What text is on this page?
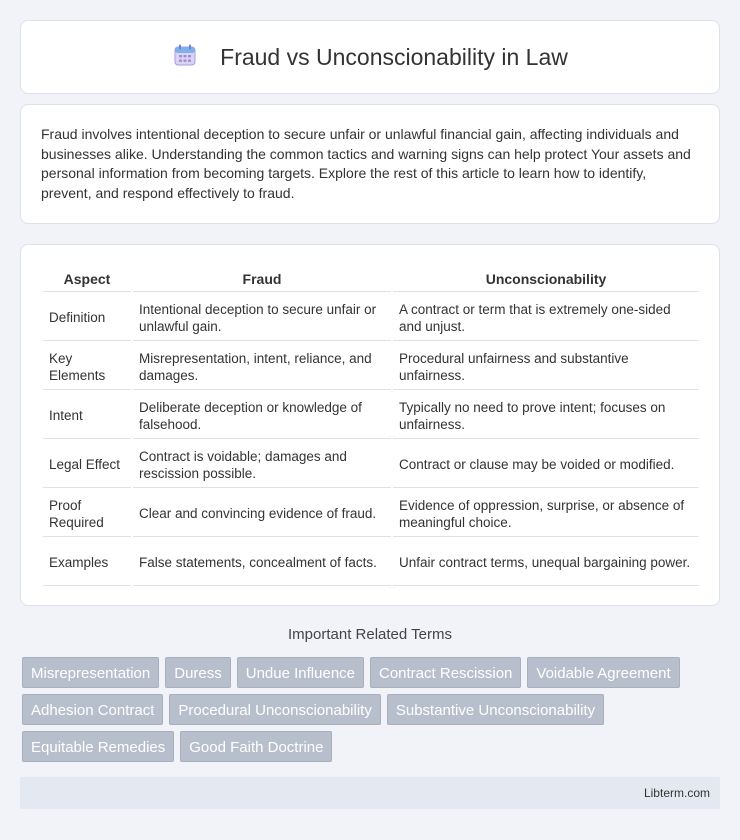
Fraud vs Unconscionability in Law

Fraud involves intentional deception to secure unfair or unlawful financial gain, affecting individuals and businesses alike. Understanding the common tactics and warning signs can help protect Your assets and personal information from becoming targets. Explore the rest of this article to learn how to identify, prevent, and respond effectively to fraud.

Aspect	Fraud	Unconscionability
Definition	Intentional deception to secure unfair or unlawful gain.	A contract or term that is extremely one-sided and unjust.
Key Elements	Misrepresentation, intent, reliance, and damages.	Procedural unfairness and substantive unfairness.
Intent	Deliberate deception or knowledge of falsehood.	Typically no need to prove intent; focuses on unfairness.
Legal Effect	Contract is voidable; damages and rescission possible.	Contract or clause may be voided or modified.
Proof Required	Clear and convincing evidence of fraud.	Evidence of oppression, surprise, or absence of meaningful choice.
Examples	False statements, concealment of facts.	Unfair contract terms, unequal bargaining power.
Important Related Terms
Misrepresentation	Duress	Undue Influence	Contract Rescission	Voidable Agreement
Adhesion Contract	Procedural Unconscionability	Substantive Unconscionability
Equitable Remedies	Good Faith Doctrine
Libterm.com
